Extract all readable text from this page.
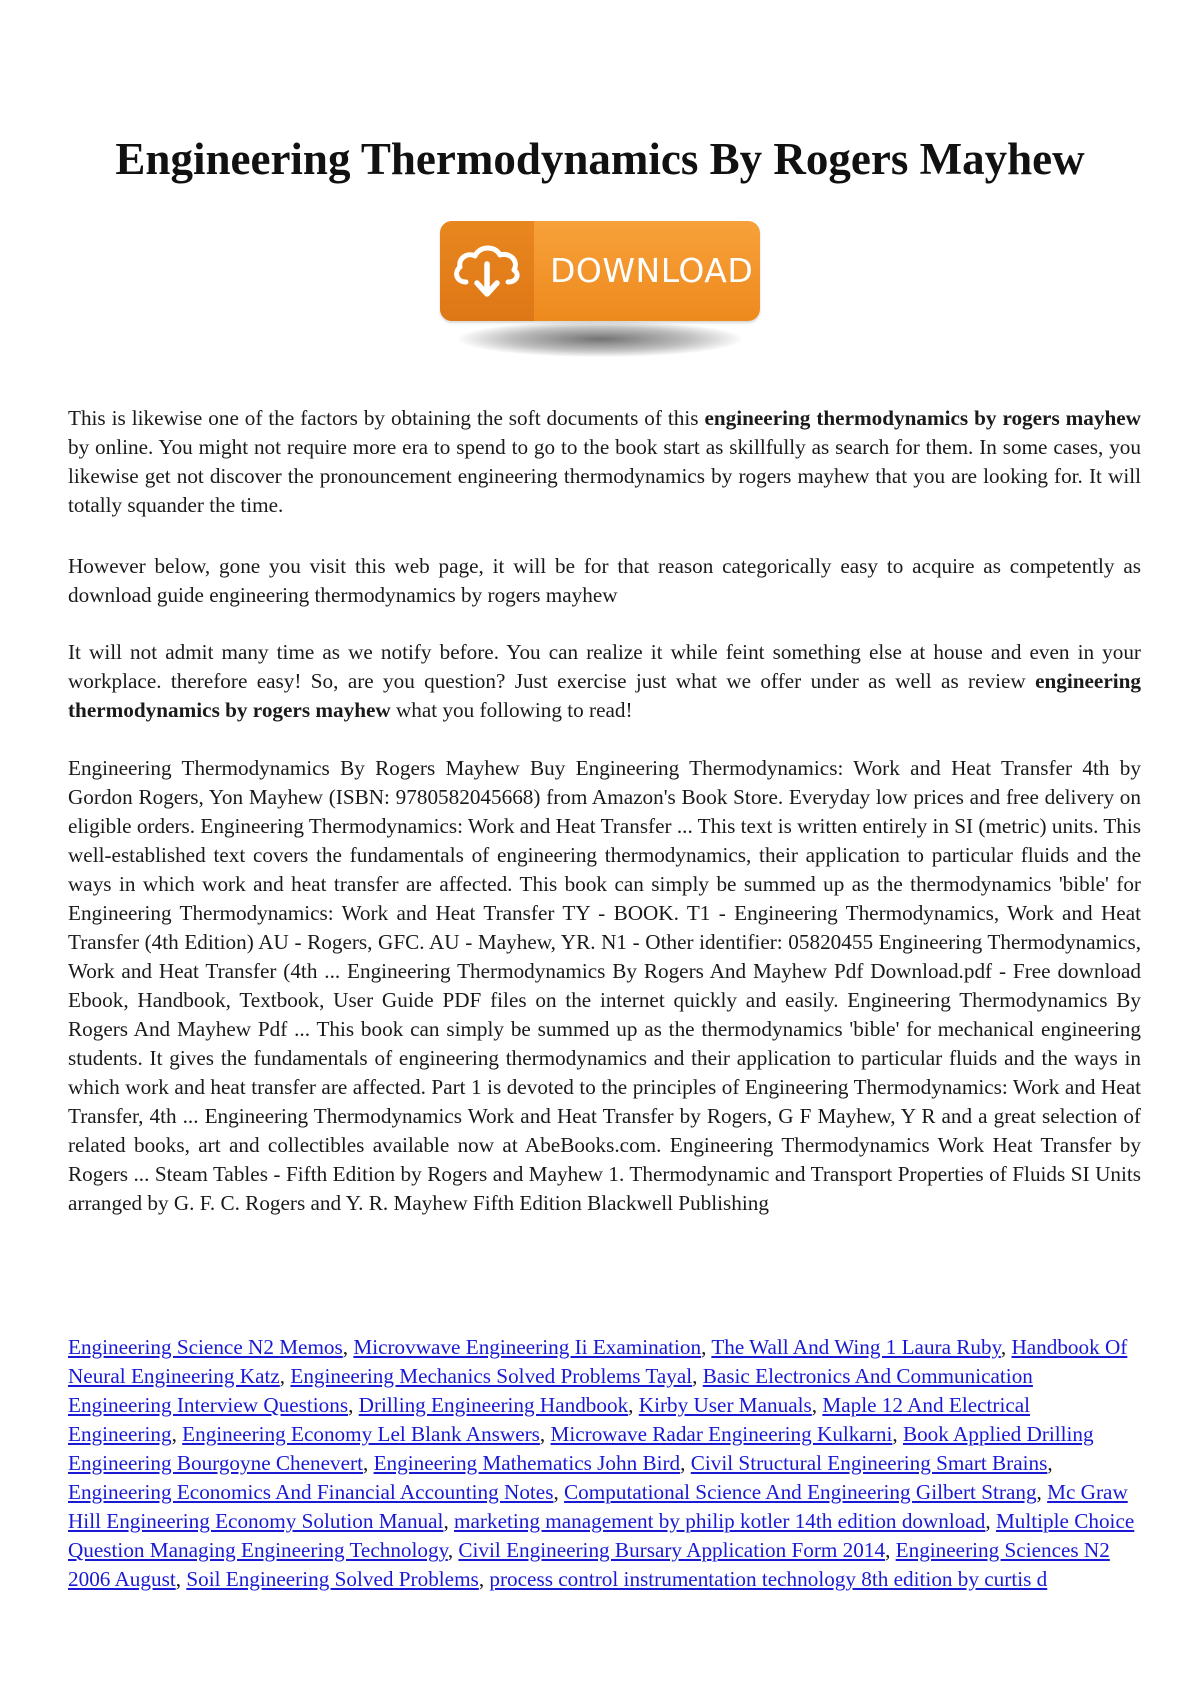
Engineering Thermodynamics By Rogers Mayhew
DOWNLOAD

This is likewise one of the factors by obtaining the soft documents of this engineering thermodynamics by rogers mayhew by online. You might not require more era to spend to go to the book start as skillfully as search for them. In some cases, you likewise get not discover the pronouncement engineering thermodynamics by rogers mayhew that you are looking for. It will totally squander the time.

However below, gone you visit this web page, it will be for that reason categorically easy to acquire as competently as download guide engineering thermodynamics by rogers mayhew

It will not admit many time as we notify before. You can realize it while feint something else at house and even in your workplace. therefore easy! So, are you question? Just exercise just what we offer under as well as review engineering thermodynamics by rogers mayhew what you following to read!

Engineering Thermodynamics By Rogers Mayhew Buy Engineering Thermodynamics: Work and Heat Transfer 4th by Gordon Rogers, Yon Mayhew (ISBN: 9780582045668) from Amazon's Book Store. Everyday low prices and free delivery on eligible orders. Engineering Thermodynamics: Work and Heat Transfer ... This text is written entirely in SI (metric) units. This well-established text covers the fundamentals of engineering thermodynamics, their application to particular fluids and the ways in which work and heat transfer are affected. This book can simply be summed up as the thermodynamics 'bible' for Engineering Thermodynamics: Work and Heat Transfer TY - BOOK. T1 - Engineering Thermodynamics, Work and Heat Transfer (4th Edition) AU - Rogers, GFC. AU - Mayhew, YR. N1 - Other identifier: 05820455 Engineering Thermodynamics, Work and Heat Transfer (4th ... Engineering Thermodynamics By Rogers And Mayhew Pdf Download.pdf - Free download Ebook, Handbook, Textbook, User Guide PDF files on the internet quickly and easily. Engineering Thermodynamics By Rogers And Mayhew Pdf ... This book can simply be summed up as the thermodynamics 'bible' for mechanical engineering students. It gives the fundamentals of engineering thermodynamics and their application to particular fluids and the ways in which work and heat transfer are affected. Part 1 is devoted to the principles of Engineering Thermodynamics: Work and Heat Transfer, 4th ... Engineering Thermodynamics Work and Heat Transfer by Rogers, G F Mayhew, Y R and a great selection of related books, art and collectibles available now at AbeBooks.com. Engineering Thermodynamics Work Heat Transfer by Rogers ... Steam Tables - Fifth Edition by Rogers and Mayhew 1. Thermodynamic and Transport Properties of Fluids SI Units arranged by G. F. C. Rogers and Y. R. Mayhew Fifth Edition Blackwell Publishing

Engineering Science N2 Memos, Microvwave Engineering Ii Examination, The Wall And Wing 1 Laura Ruby, Handbook Of Neural Engineering Katz, Engineering Mechanics Solved Problems Tayal, Basic Electronics And Communication Engineering Interview Questions, Drilling Engineering Handbook, Kirby User Manuals, Maple 12 And Electrical Engineering, Engineering Economy Lel Blank Answers, Microwave Radar Engineering Kulkarni, Book Applied Drilling Engineering Bourgoyne Chenevert, Engineering Mathematics John Bird, Civil Structural Engineering Smart Brains, Engineering Economics And Financial Accounting Notes, Computational Science And Engineering Gilbert Strang, Mc Graw Hill Engineering Economy Solution Manual, marketing management by philip kotler 14th edition download, Multiple Choice Question Managing Engineering Technology, Civil Engineering Bursary Application Form 2014, Engineering Sciences N2 2006 August, Soil Engineering Solved Problems, process control instrumentation technology 8th edition by curtis d
